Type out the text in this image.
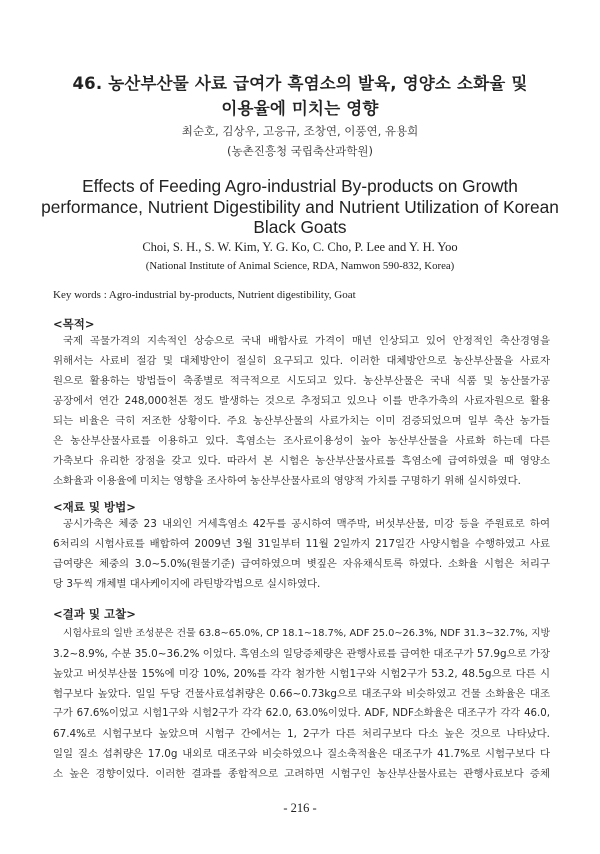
46. 농산부산물 사료 급여가 흑염소의 발육, 영양소 소화율 및
이용율에 미치는 영향
최순호, 김상우, 고응규, 조창연, 이풍연, 유용희
(농촌진흥청 국립축산과학원)
Effects of Feeding Agro-industrial By-products on Growth
performance, Nutrient Digestibility and Nutrient Utilization of Korean
Black Goats
Choi, S. H., S. W. Kim, Y. G. Ko, C. Cho, P. Lee and Y. H. Yoo
(National Institute of Animal Science, RDA, Namwon 590-832, Korea)
Key words : Agro-industrial by-products, Nutrient digestibility, Goat
<목적>
국제 곡물가격의 지속적인 상승으로 국내 배합사료 가격이 매년 인상되고 있어 안정적인 축산경영을
위해서는 사료비 절감 및 대체방안이 절실히 요구되고 있다. 이러한 대체방안으로 농산부산물을 사료자
원으로 활용하는 방법들이 축종별로 적극적으로 시도되고 있다. 농산부산물은 국내 식품 및 농산물가공
공장에서 연간 248,000천톤 정도 발생하는 것으로 추정되고 있으나 이를 반추가축의 사료자원으로 활용
되는 비율은 극히 저조한 상황이다. 주요 농산부산물의 사료가치는 이미 검증되었으며 일부 축산 농가들
은 농산부산물사료를 이용하고 있다. 흑염소는 조사료이용성이 높아 농산부산물을 사료화 하는데 다른
가축보다 유리한 장점을 갖고 있다. 따라서 본 시험은 농산부산물사료를 흑염소에 급여하였을 때 영양소
소화율과 이용율에 미치는 영향을 조사하여 농산부산물사료의 영양적 가치를 구명하기 위해 실시하였다.
<재료 및 방법>
공시가축은 체중 23 내외인 거세흑염소 42두를 공시하여 맥주박, 버섯부산물, 미강 등을 주원료로 하여
6처리의 시험사료를 배합하여 2009년 3월 31일부터 11월 2일까지 217일간 사양시험을 수행하였고 사료
급여량은 체중의 3.0~5.0%(원물기준) 급여하였으며 볏짚은 자유채식토록 하였다. 소화율 시험은 처리구
당 3두씩 개체별 대사케이지에 라틴방각법으로 실시하였다.
<결과 및 고찰>
시험사료의 일반 조성분은 건물 63.8~65.0%, CP 18.1~18.7%, ADF 25.0~26.3%, NDF 31.3~32.7%, 지방
3.2~8.9%, 수분 35.0~36.2% 이었다. 흑염소의 일당증체량은 관행사료를 급여한 대조구가 57.9g으로 가장
높았고 버섯부산물 15%에 미강 10%, 20%를 각각 첨가한 시험1구와 시험2구가 53.2, 48.5g으로 다른 시
험구보다 높았다. 일일 두당 건물사료섭취량은 0.66~0.73kg으로 대조구와 비슷하였고 건물 소화율은 대조
구가 67.6%이었고 시험1구와 시험2구가 각각 62.0, 63.0%이었다. ADF, NDF소화율은 대조구가 각각 46.0,
67.4%로 시험구보다 높았으며 시험구 간에서는 1, 2구가 다른 처리구보다 다소 높은 것으로 나타났다.
일일 질소 섭취량은 17.0g 내외로 대조구와 비슷하였으나 질소축적율은 대조구가 41.7%로 시험구보다 다
소 높은 경향이었다. 이러한 결과를 종합적으로 고려하면 시험구인 농산부산물사료는 관행사료보다 증체
- 216 -
